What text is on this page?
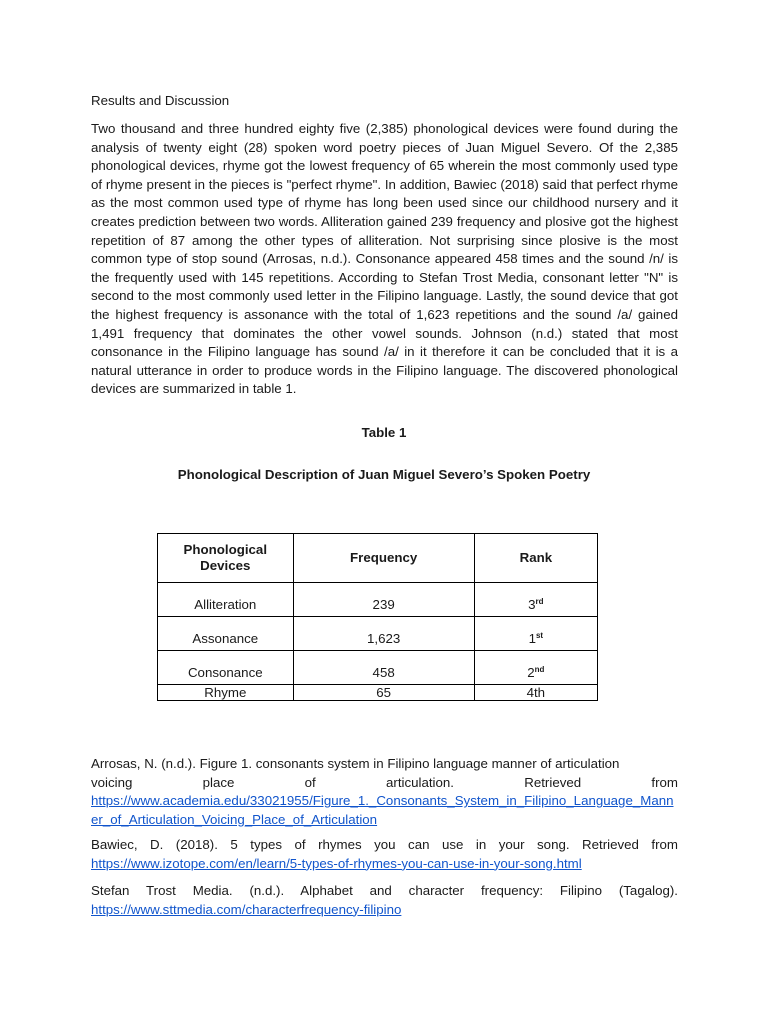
Results and Discussion

Two thousand and three hundred eighty five (2,385) phonological devices were found during the analysis of twenty eight (28) spoken word poetry pieces of Juan Miguel Severo. Of the 2,385 phonological devices, rhyme got the lowest frequency of 65 wherein the most commonly used type of rhyme present in the pieces is "perfect rhyme". In addition, Bawiec (2018) said that perfect rhyme as the most common used type of rhyme has long been used since our childhood nursery and it creates prediction between two words. Alliteration gained 239 frequency and plosive got the highest repetition of 87 among the other types of alliteration. Not surprising since plosive is the most common type of stop sound (Arrosas, n.d.). Consonance appeared 458 times and the sound /n/ is the frequently used with 145 repetitions. According to Stefan Trost Media, consonant letter "N" is second to the most commonly used letter in the Filipino language. Lastly, the sound device that got the highest frequency is assonance with the total of 1,623 repetitions and the sound /a/ gained 1,491 frequency that dominates the other vowel sounds. Johnson (n.d.) stated that most consonance in the Filipino language has sound /a/ in it therefore it can be concluded that it is a natural utterance in order to produce words in the Filipino language. The discovered phonological devices are summarized in table 1.

Table 1

Phonological Description of Juan Miguel Severo’s Spoken Poetry

Phonological
Devices	Frequency	Rank
Alliteration	239	3rd
Assonance	1,623	1st
Consonance	458	2nd
Rhyme	65	4th
Arrosas, N. (n.d.). Figure 1. consonants system in Filipino language manner of articulation
voicing place of articulation. Retrieved from
https://www.academia.edu/33021955/Figure_1._Consonants_System_in_Filipino_Language_Manner_of_Articulation_Voicing_Place_of_Articulation
Bawiec, D. (2018). 5 types of rhymes you can use in your song. Retrieved from
https://www.izotope.com/en/learn/5-types-of-rhymes-you-can-use-in-your-song.html
Stefan Trost Media. (n.d.). Alphabet and character frequency: Filipino (Tagalog).
https://www.sttmedia.com/characterfrequency-filipino
